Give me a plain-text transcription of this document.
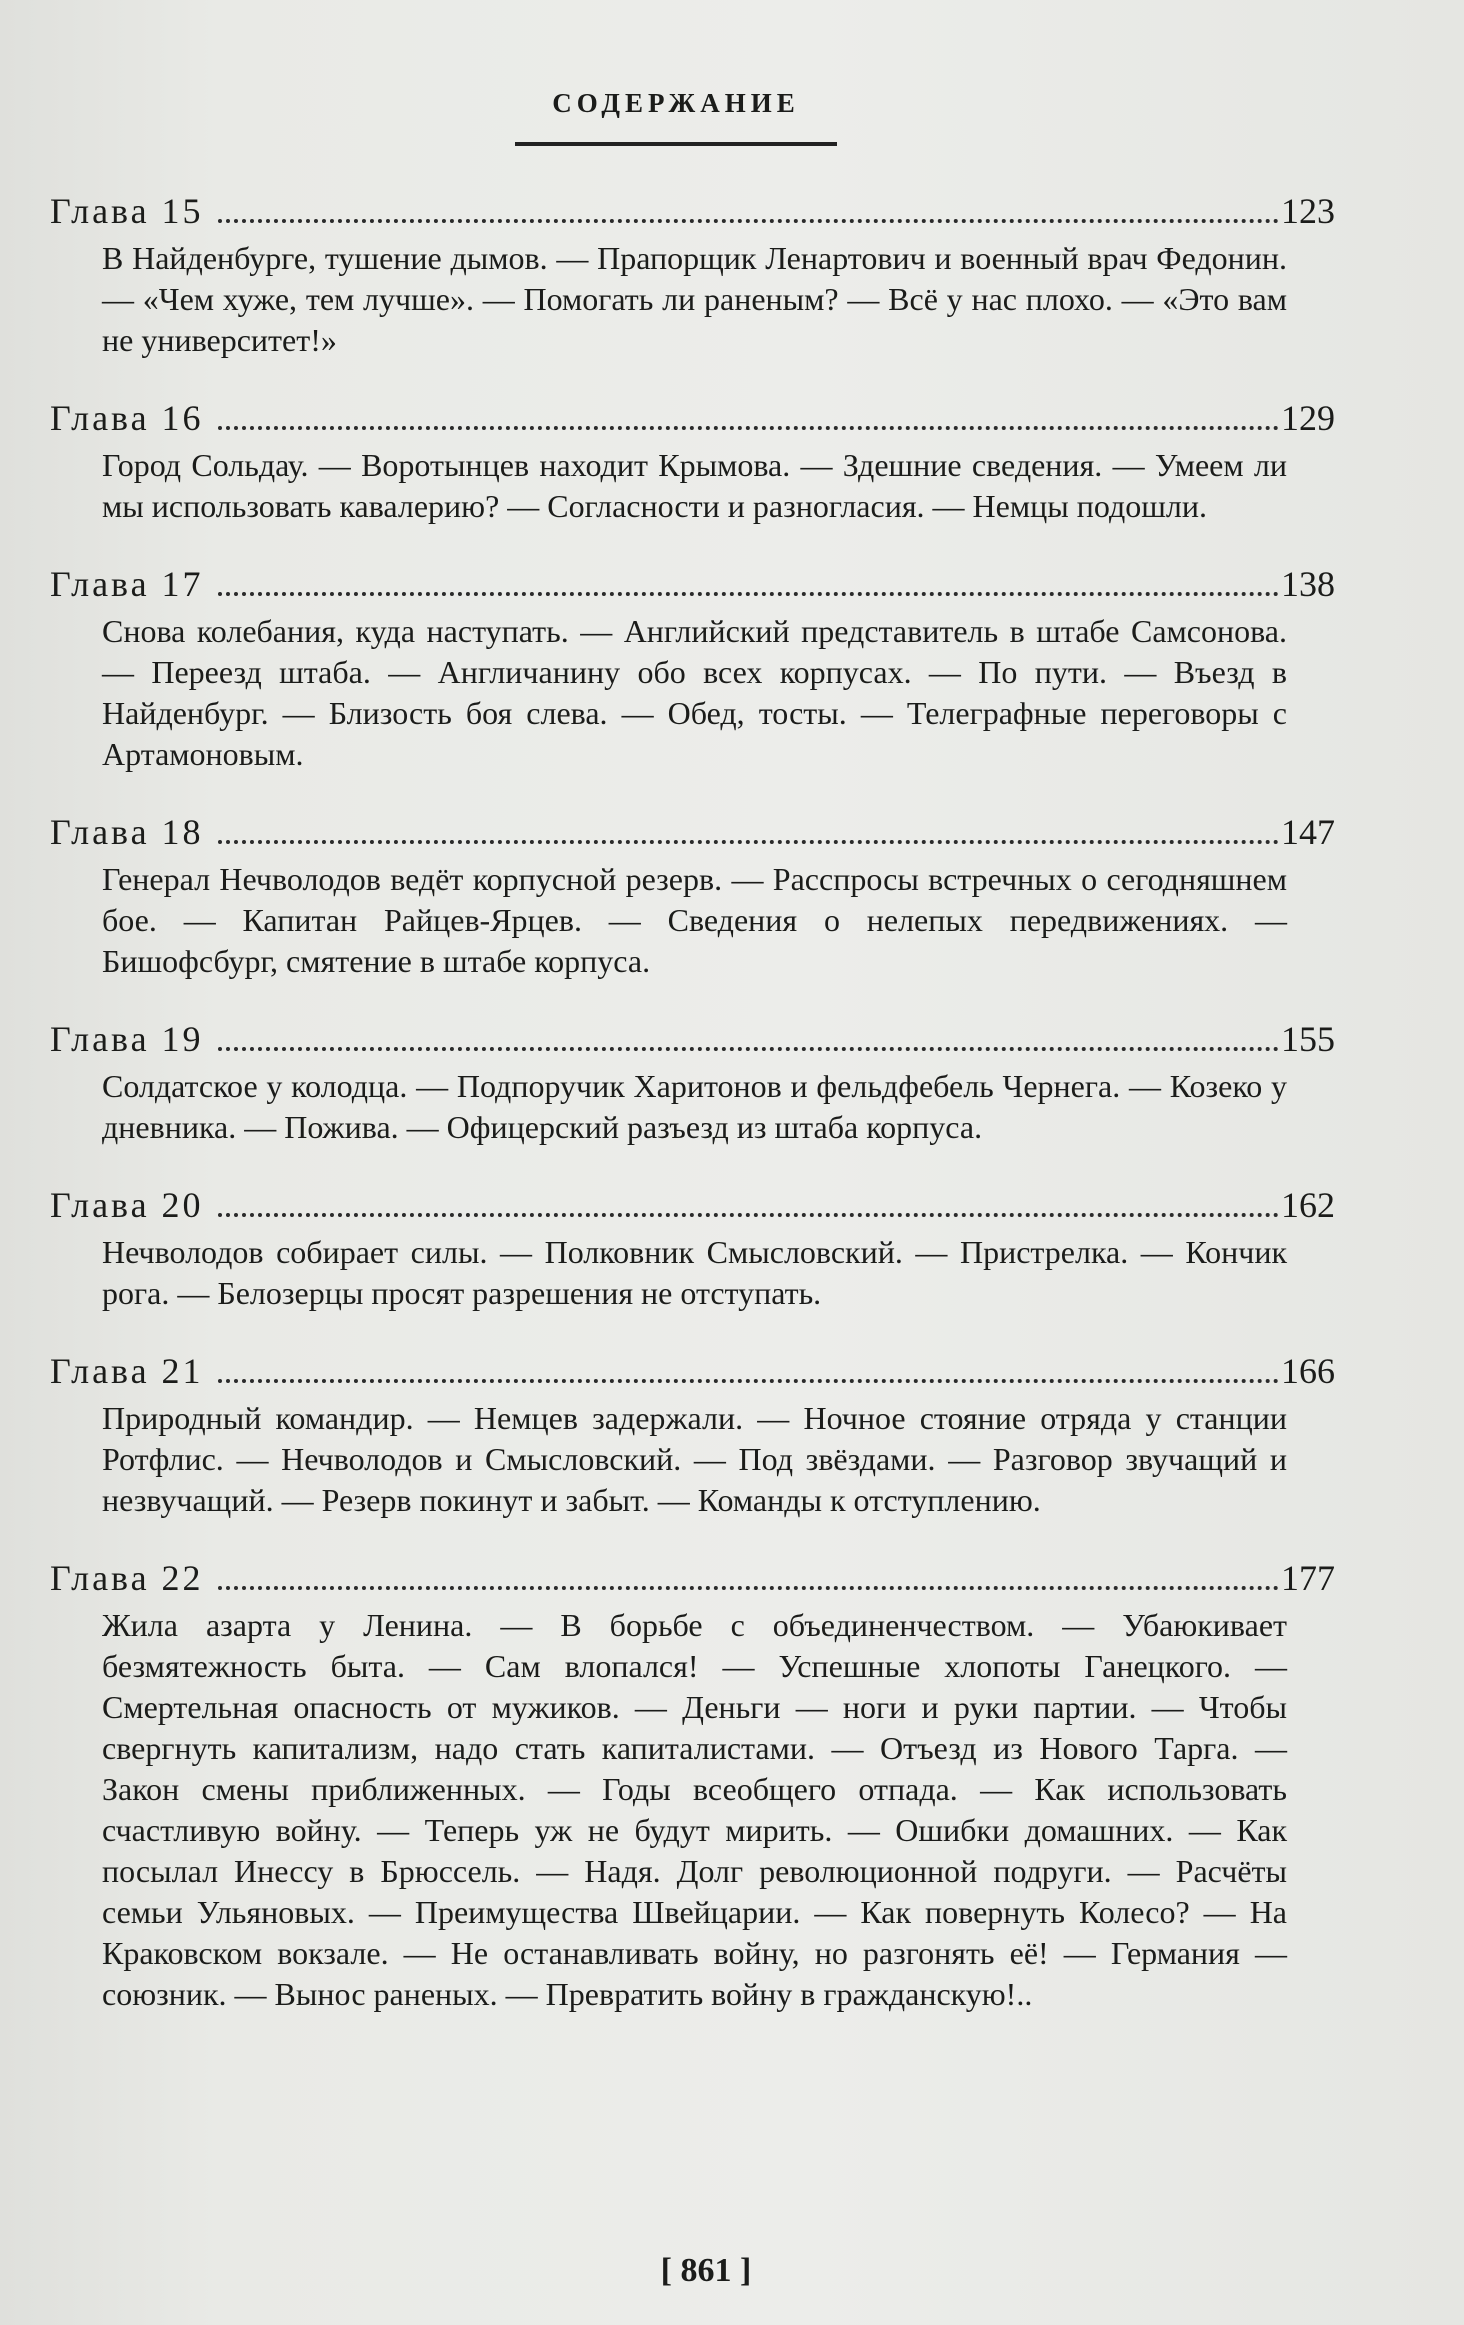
СОДЕРЖАНИЕ
Глава 15	123
В Найденбурге, тушение дымов. — Прапорщик Ленартович и военный врач Федонин. — «Чем хуже, тем лучше». — Помогать ли раненым? — Всё у нас плохо. — «Это вам не университет!»
Глава 16	129
Город Сольдау. — Воротынцев находит Крымова. — Здешние сведения. — Умеем ли мы использовать кавалерию? — Согласности и разногласия. — Немцы подошли.
Глава 17	138
Снова колебания, куда наступать. — Английский представитель в штабе Самсонова. — Переезд штаба. — Англичанину обо всех корпусах. — По пути. — Въезд в Найденбург. — Близость боя слева. — Обед, тосты. — Телеграфные переговоры с Артамоновым.
Глава 18	147
Генерал Нечволодов ведёт корпусной резерв. — Расспросы встречных о сегодняшнем бое. — Капитан Райцев-Ярцев. — Сведения о нелепых передвижениях. — Бишофсбург, смятение в штабе корпуса.
Глава 19	155
Солдатское у колодца. — Подпоручик Харитонов и фельдфебель Чернега. — Козеко у дневника. — Пожива. — Офицерский разъезд из штаба корпуса.
Глава 20	162
Нечволодов собирает силы. — Полковник Смысловский. — Пристрелка. — Кончик рога. — Белозерцы просят разрешения не отступать.
Глава 21	166
Природный командир. — Немцев задержали. — Ночное стояние отряда у станции Ротфлис. — Нечволодов и Смысловский. — Под звёздами. — Разговор звучащий и незвучащий. — Резерв покинут и забыт. — Команды к отступлению.
Глава 22	177
Жила азарта у Ленина. — В борьбе с объединенчеством. — Убаюкивает безмятежность быта. — Сам влопался! — Успешные хлопоты Ганецкого. — Смертельная опасность от мужиков. — Деньги — ноги и руки партии. — Чтобы свергнуть капитализм, надо стать капиталистами. — Отъезд из Нового Тарга. — Закон смены приближенных. — Годы всеобщего отпада. — Как использовать счастливую войну. — Теперь уж не будут мирить. — Ошибки домашних. — Как посылал Инессу в Брюссель. — Надя. Долг революционной подруги. — Расчёты семьи Ульяновых. — Преимущества Швейцарии. — Как повернуть Колесо? — На Краковском вокзале. — Не останавливать войну, но разгонять её! — Германия — союзник. — Вынос раненых. — Превратить войну в гражданскую!..
[ 861 ]
